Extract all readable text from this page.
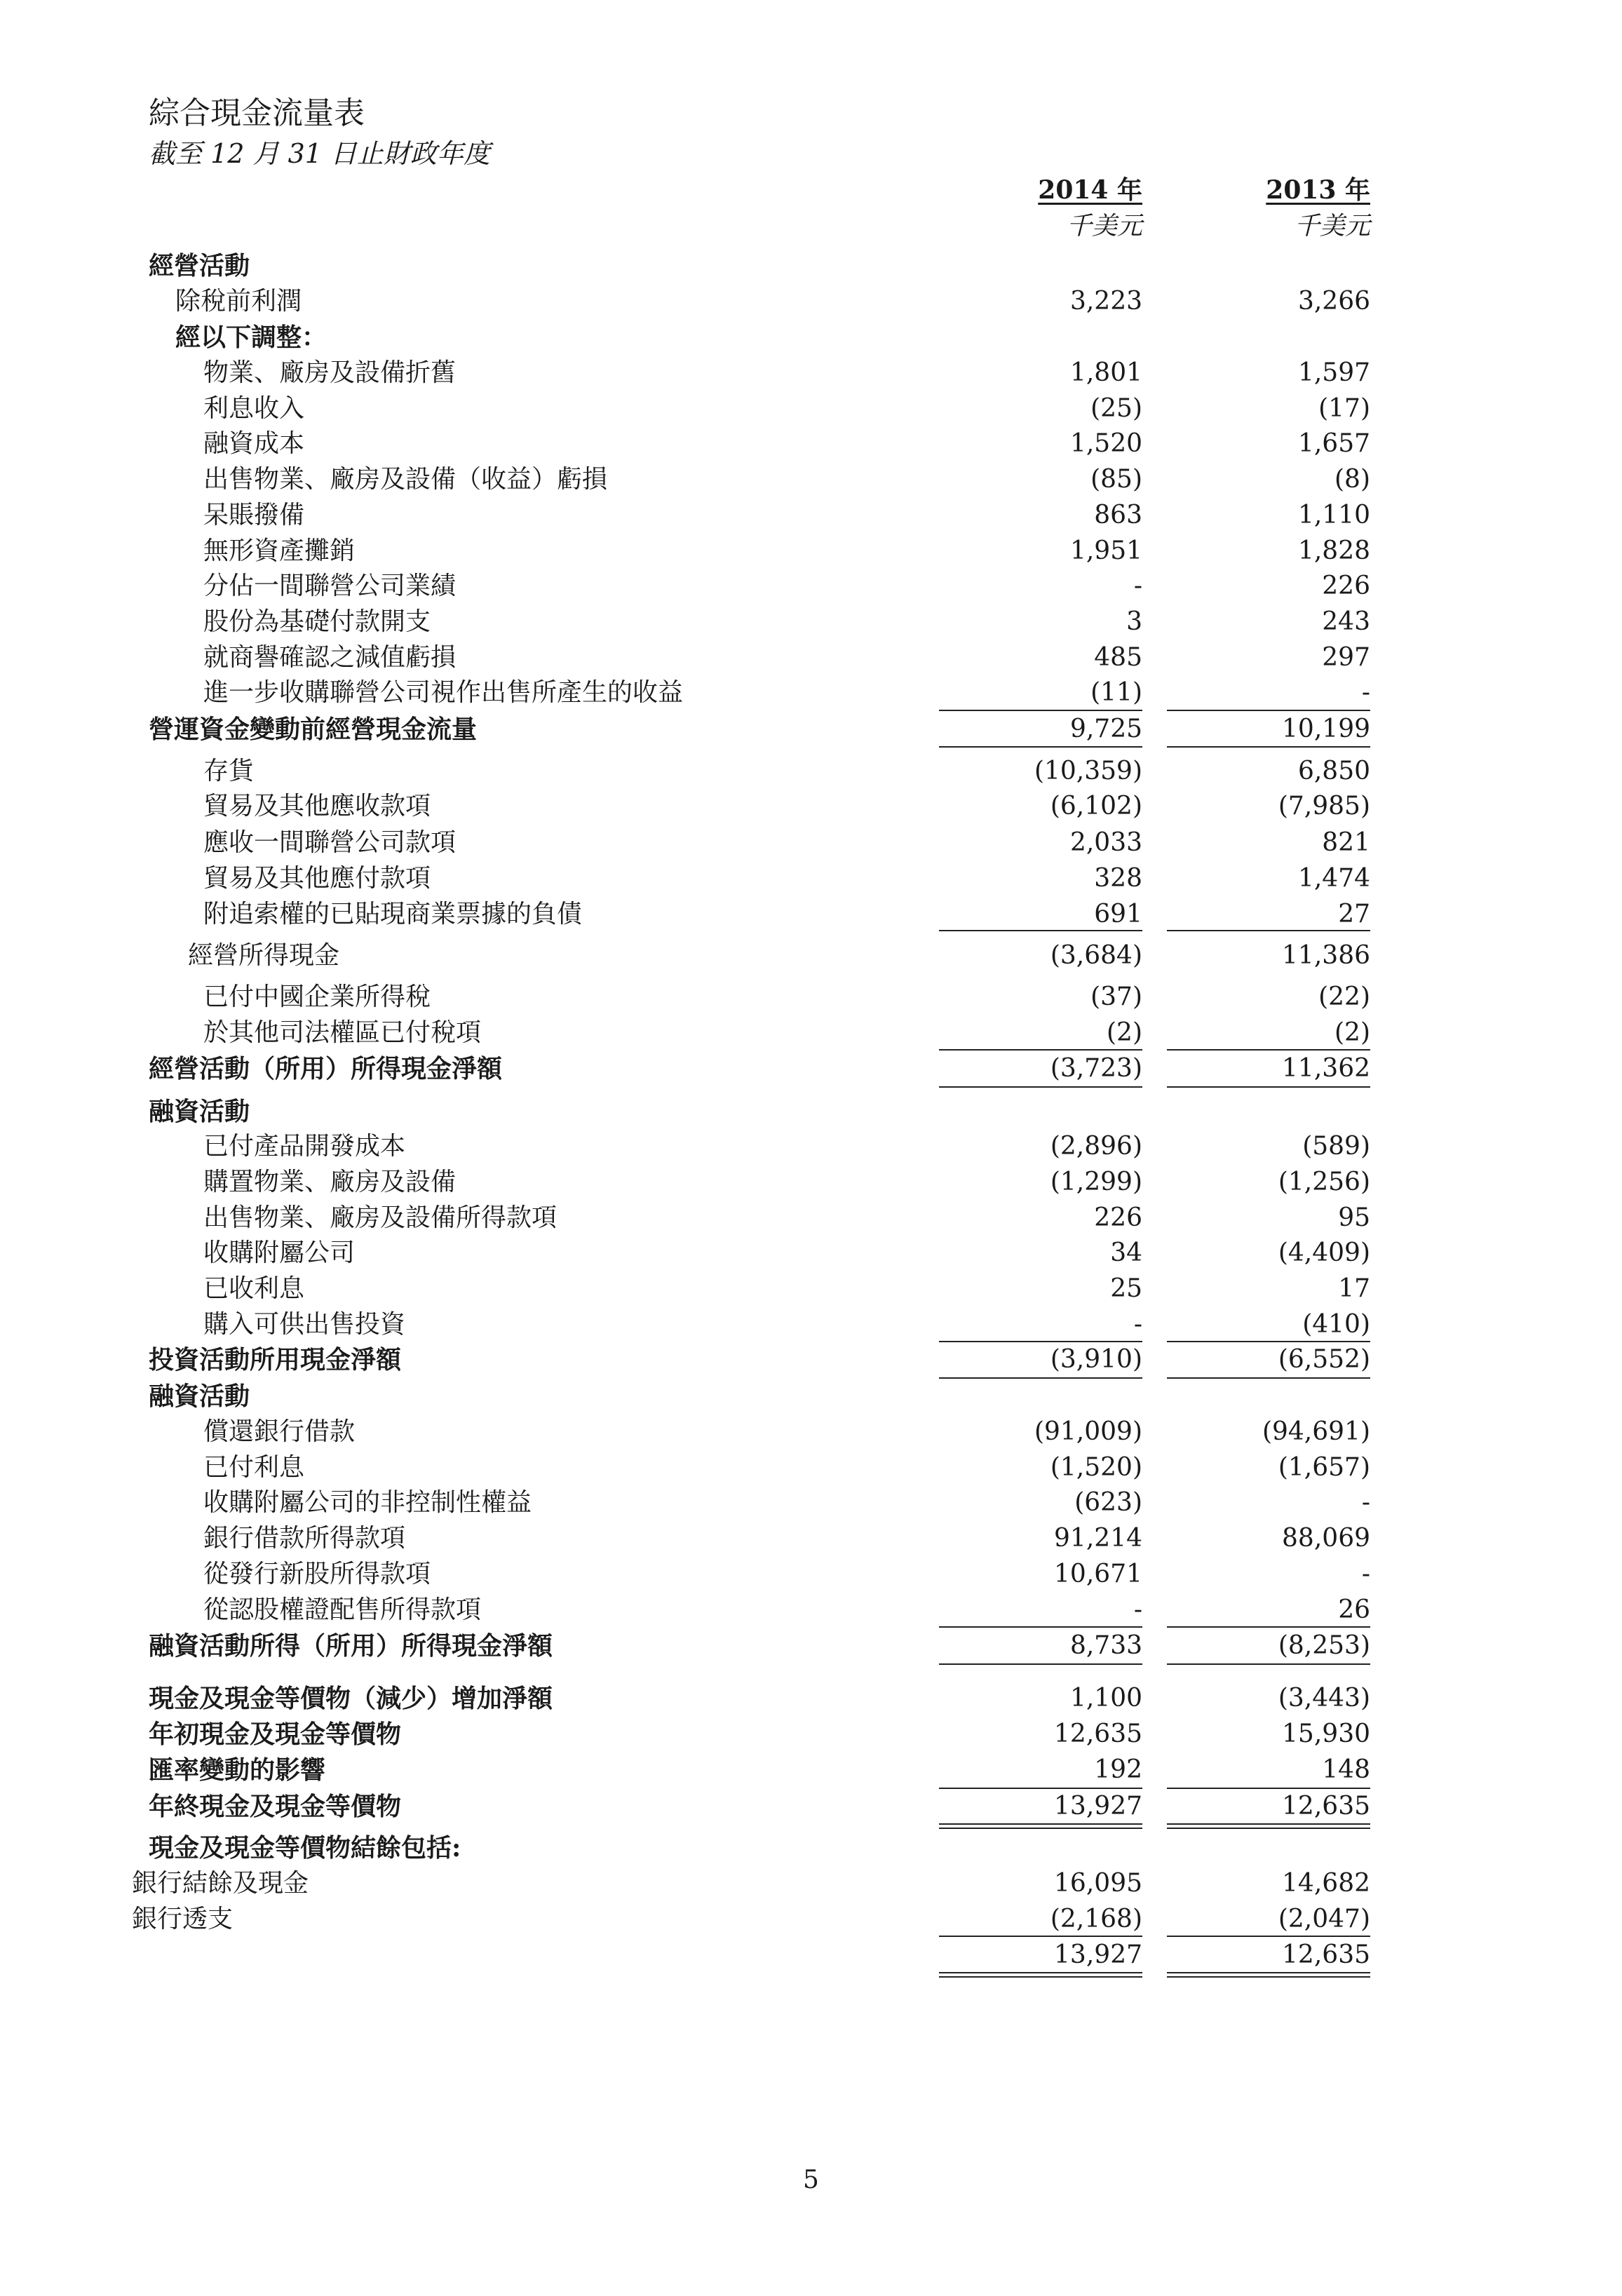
綜合現金流量表
截至 12 月 31 日止財政年度
2014 年	2013 年
千美元	千美元
經營活動
除稅前利潤	3,223	3,266
經以下調整：
物業、廠房及設備折舊	1,801	1,597
利息收入	(25)	(17)
融資成本	1,520	1,657
出售物業、廠房及設備（收益）虧損	(85)	(8)
呆賬撥備	863	1,110
無形資產攤銷	1,951	1,828
分佔一間聯營公司業績	-	226
股份為基礎付款開支	3	243
就商譽確認之減值虧損	485	297
進一步收購聯營公司視作出售所產生的收益	(11)	-
營運資金變動前經營現金流量	9,725	10,199
存貨	(10,359)	6,850
貿易及其他應收款項	(6,102)	(7,985)
應收一間聯營公司款項	2,033	821
貿易及其他應付款項	328	1,474
附追索權的已貼現商業票據的負債	691	27
經營所得現金	(3,684)	11,386
已付中國企業所得稅	(37)	(22)
於其他司法權區已付稅項	(2)	(2)
經營活動（所用）所得現金淨額	(3,723)	11,362
融資活動
已付產品開發成本	(2,896)	(589)
購置物業、廠房及設備	(1,299)	(1,256)
出售物業、廠房及設備所得款項	226	95
收購附屬公司	34	(4,409)
已收利息	25	17
購入可供出售投資	-	(410)
投資活動所用現金淨額	(3,910)	(6,552)
融資活動
償還銀行借款	(91,009)	(94,691)
已付利息	(1,520)	(1,657)
收購附屬公司的非控制性權益	(623)	-
銀行借款所得款項	91,214	88,069
從發行新股所得款項	10,671	-
從認股權證配售所得款項	-	26
融資活動所得（所用）所得現金淨額	8,733	(8,253)
現金及現金等價物（減少）增加淨額	1,100	(3,443)
年初現金及現金等價物	12,635	15,930
匯率變動的影響	192	148
年終現金及現金等價物	13,927	12,635
現金及現金等價物結餘包括:
銀行結餘及現金	16,095	14,682
銀行透支	(2,168)	(2,047)
13,927	12,635
5
